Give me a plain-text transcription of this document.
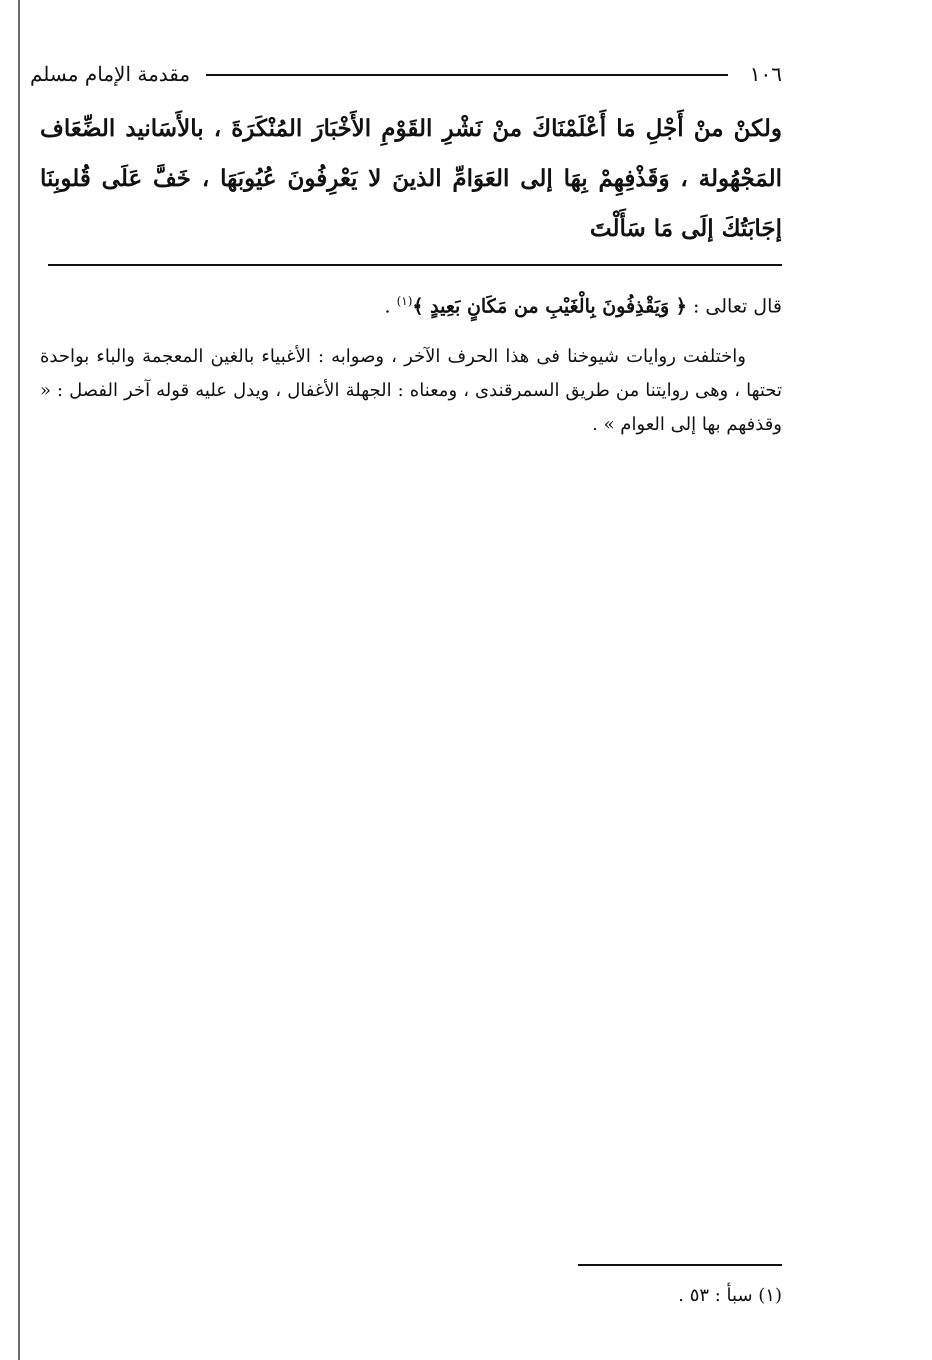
١٠٦
مقدمة الإمام مسلم
ولكنْ منْ أَجْلِ مَا أَعْلَمْنَاكَ منْ نَشْرِ القَوْمِ الأَخْبَارَ المُنْكَرَةَ ، بالأَسَانيد الضِّعَاف المَجْهُولة ، وَقَذْفِهِمْ بِهَا إلى العَوَامِّ الذينَ لا يَعْرِفُونَ عُيُوبَهَا ، خَفَّ عَلَى قُلوبِنَا إجَابَتُكَ إلَى مَا سَأَلْتَ
قال تعالى : ﴿ وَيَقْذِفُونَ بِالْغَيْبِ من مَكَانٍ بَعِيدٍ ﴾$^{(١)}$ .
واختلفت روايات شيوخنا فى هذا الحرف الآخر ، وصوابه : الأغبياء بالغين المعجمة والباء بواحدة تحتها ، وهى روايتنا من طريق السمرقندى ، ومعناه : الجهلة الأغفال ، ويدل عليه قوله آخر الفصل : « وقذفهم بها إلى العوام » .
(١) سبأ : ٥٣ .
